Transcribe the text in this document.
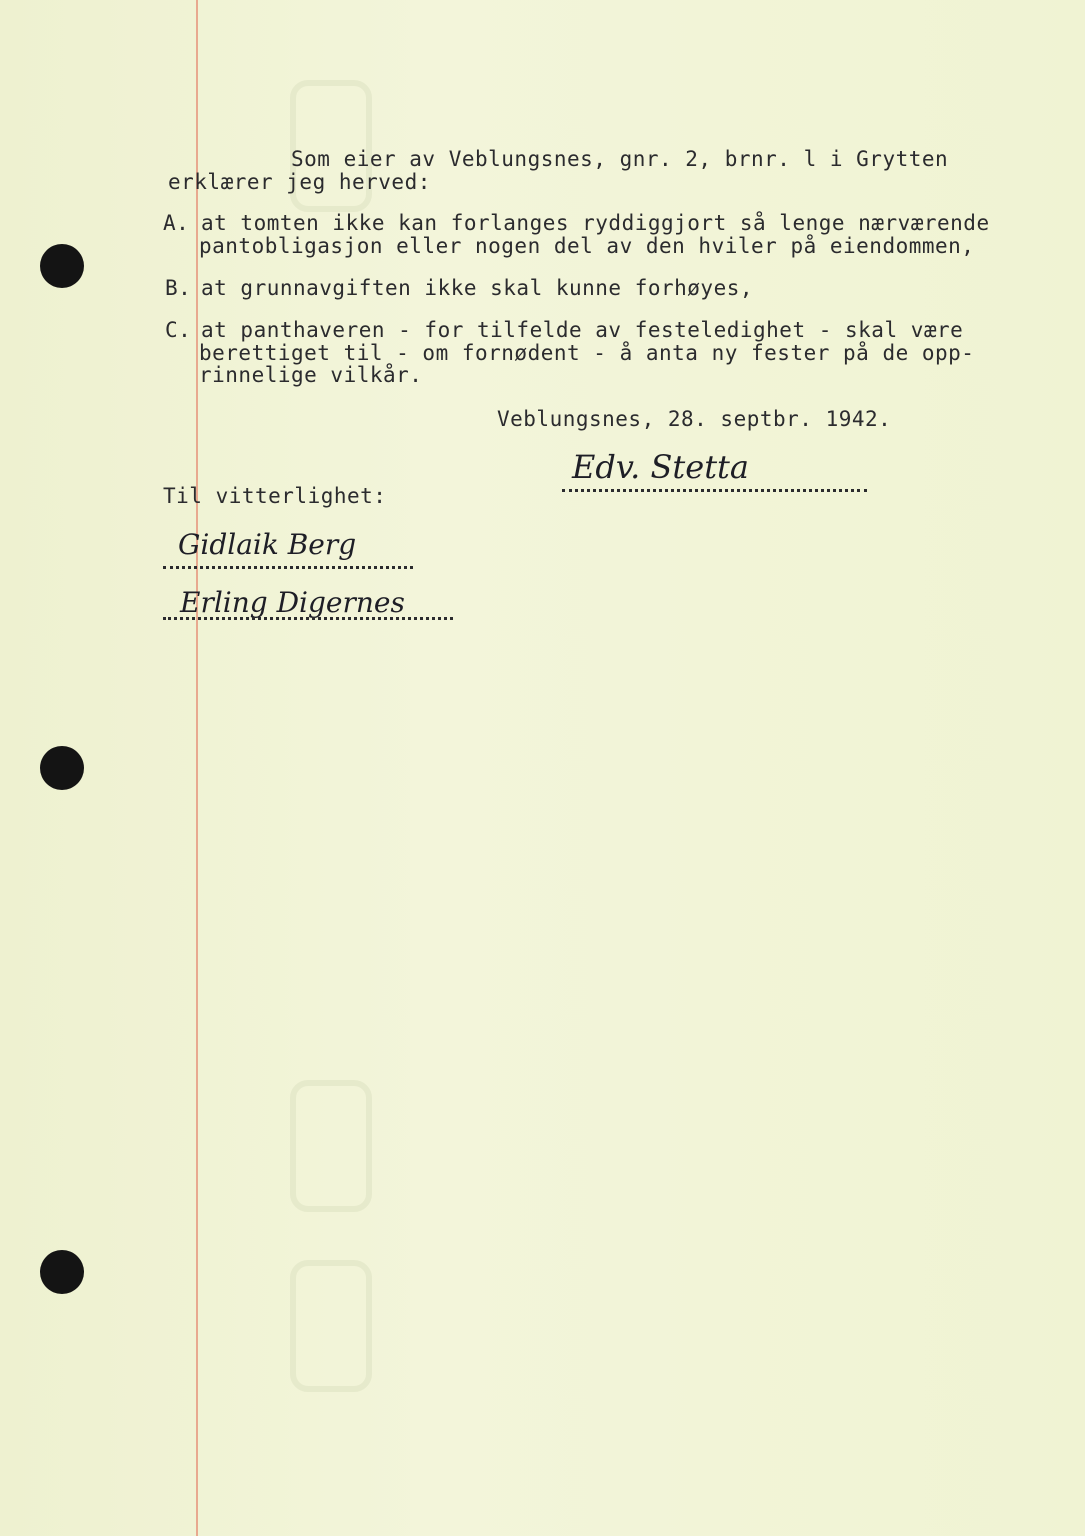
Som eier av Veblungsnes, gnr. 2, brnr. l i Grytten
erklærer jeg herved:
A. at tomten ikke kan forlanges ryddiggjort så lenge nærværende
pantobligasjon eller nogen del av den hviler på eiendommen,
B. at grunnavgiften ikke skal kunne forhøyes,
C. at panthaveren - for tilfelde av festeledighet - skal være
berettiget til - om fornødent - å anta ny fester på de opp-
rinnelige vilkår.
Veblungsnes, 28. septbr. 1942.
Edv. Stetta
Til vitterlighet:
Gidlaik Berg
Erling Digernes
